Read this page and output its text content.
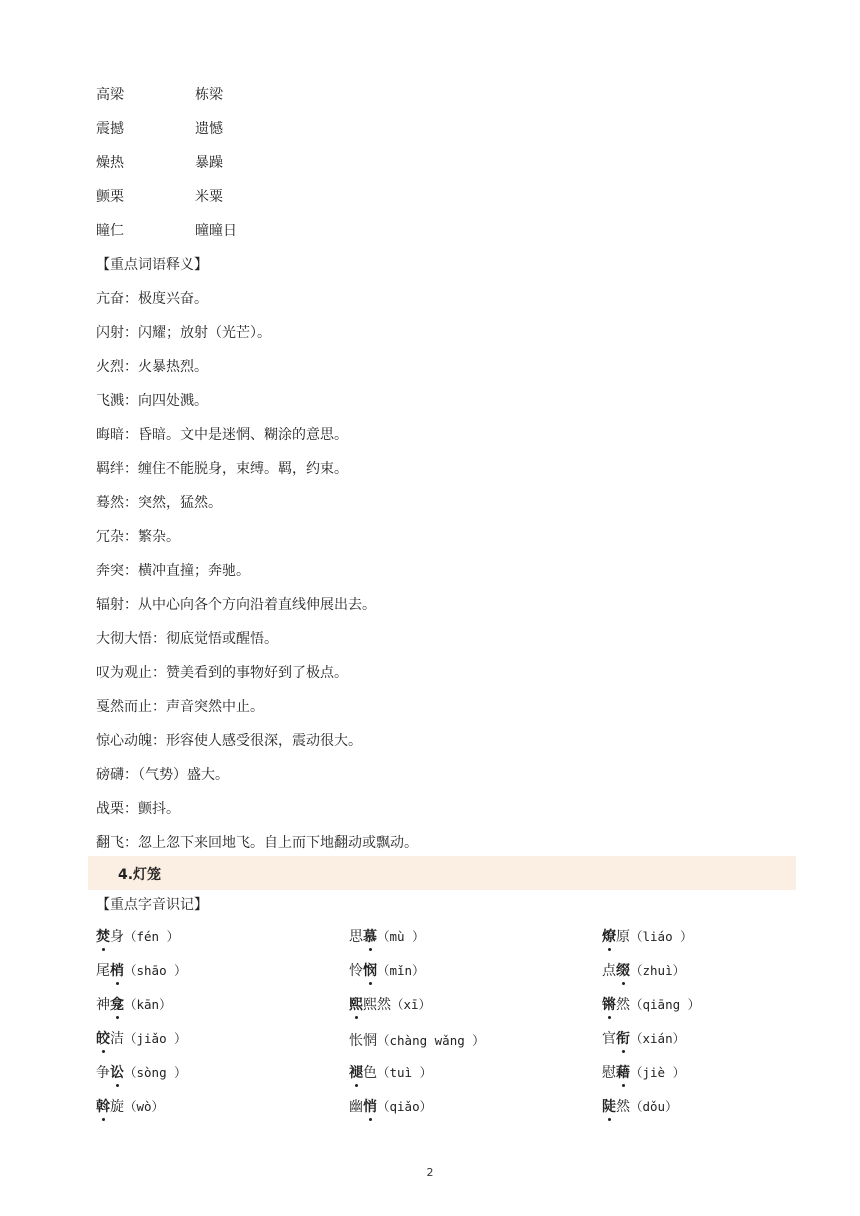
高梁	栋梁
震撼	遗憾
燥热	暴躁
颤栗	米粟
瞳仁	曈曈日
【重点词语释义】
亢奋：极度兴奋。
闪射：闪耀；放射（光芒）。
火烈：火暴热烈。
飞溅：向四处溅。
晦暗：昏暗。文中是迷惘、糊涂的意思。
羁绊：缠住不能脱身，束缚。羁，约束。
蓦然：突然，猛然。
冗杂：繁杂。
奔突：横冲直撞；奔驰。
辐射：从中心向各个方向沿着直线伸展出去。
大彻大悟：彻底觉悟或醒悟。
叹为观止：赞美看到的事物好到了极点。
戛然而止：声音突然中止。
惊心动魄：形容使人感受很深，震动很大。
磅礴：（气势）盛大。
战栗：颤抖。
翻飞：忽上忽下来回地飞。自上而下地翻动或飘动。
4.灯笼
【重点字音识记】
焚身（fén ）	思慕（mù ）	燎原（liáo ）
尾梢（shāo ）	怜悯（mǐn）	点缀（zhuì）
神龛（kān）	熙熙然（xī）	锵然（qiāng ）
皎洁（jiǎo ）	怅惘（chàng wǎng ）	官衔（xián）
争讼（sòng ）	褪色（tuì ）	慰藉（jiè ）
斡旋（wò）	幽悄（qiǎo）	陡然（dǒu）
2
